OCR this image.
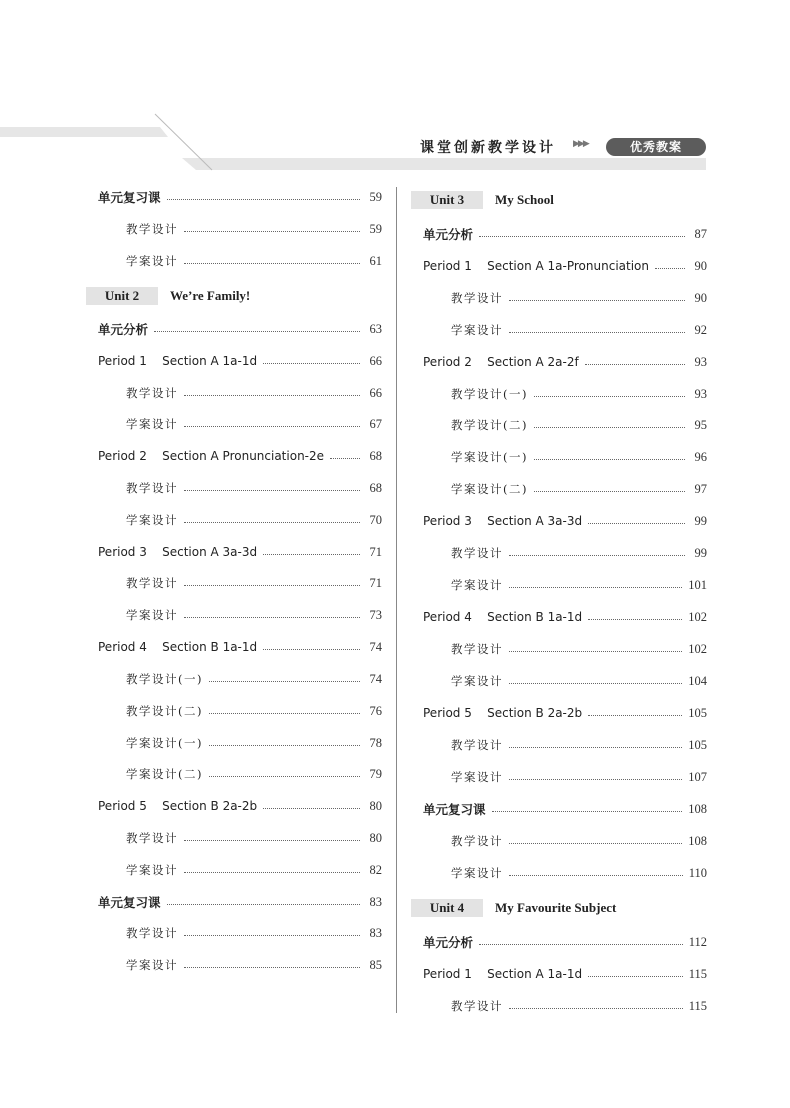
课堂创新教学设计 ▶▶▶	优秀教案
单元复习课	59
教学设计	59
学案设计	61
Unit 2	We’re Family!
单元分析	63
Period 1    Section A 1a-1d	66
教学设计	66
学案设计	67
Period 2    Section A Pronunciation-2e	68
教学设计	68
学案设计	70
Period 3    Section A 3a-3d	71
教学设计	71
学案设计	73
Period 4    Section B 1a-1d	74
教学设计(一)	74
教学设计(二)	76
学案设计(一)	78
学案设计(二)	79
Period 5    Section B 2a-2b	80
教学设计	80
学案设计	82
单元复习课	83
教学设计	83
学案设计	85
Unit 3	My School
单元分析	87
Period 1    Section A 1a-Pronunciation	90
教学设计	90
学案设计	92
Period 2    Section A 2a-2f	93
教学设计(一)	93
教学设计(二)	95
学案设计(一)	96
学案设计(二)	97
Period 3    Section A 3a-3d	99
教学设计	99
学案设计	101
Period 4    Section B 1a-1d	102
教学设计	102
学案设计	104
Period 5    Section B 2a-2b	105
教学设计	105
学案设计	107
单元复习课	108
教学设计	108
学案设计	110
Unit 4	My Favourite Subject
单元分析	112
Period 1    Section A 1a-1d	115
教学设计	115
